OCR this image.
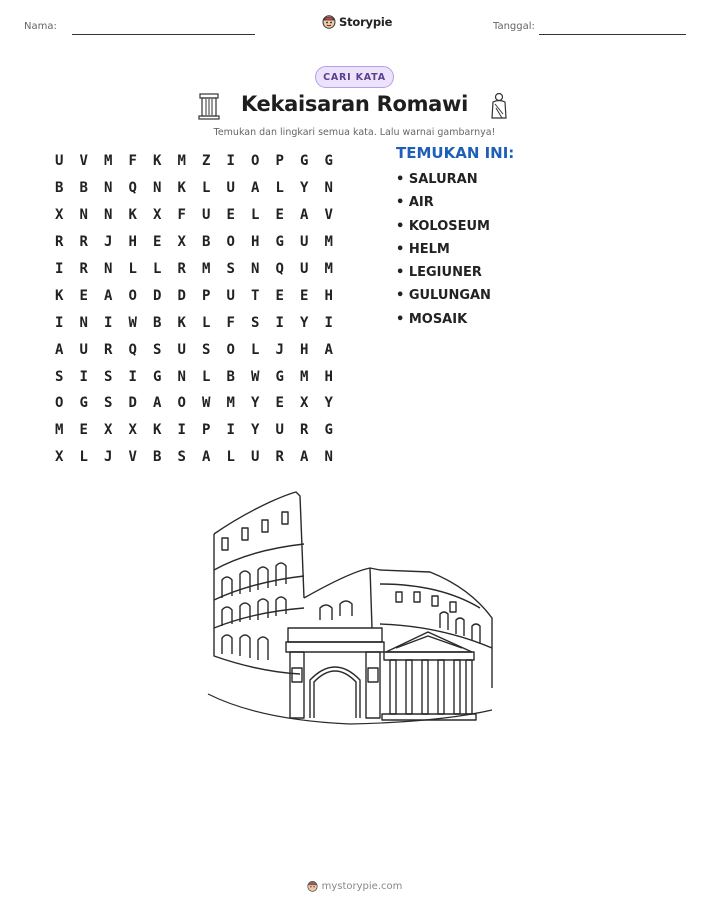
Nama:	Storypie	Tanggal:
CARI KATA
Kekaisaran Romawi
Temukan dan lingkari semua kata. Lalu warnai gambarnya!
U	V	M	F	K	M	Z	I	O	P	G	G
B	B	N	Q	N	K	L	U	A	L	Y	N
X	N	N	K	X	F	U	E	L	E	A	V
R	R	J	H	E	X	B	O	H	G	U	M
I	R	N	L	L	R	M	S	N	Q	U	M
K	E	A	O	D	D	P	U	T	E	E	H
I	N	I	W	B	K	L	F	S	I	Y	I
A	U	R	Q	S	U	S	O	L	J	H	A
S	I	S	I	G	N	L	B	W	G	M	H
O	G	S	D	A	O	W	M	Y	E	X	Y
M	E	X	X	K	I	P	I	Y	U	R	G
X	L	J	V	B	S	A	L	U	R	A	N
TEMUKAN INI:
• SALURAN
• AIR
• KOLOSEUM
• HELM
• LEGIUNER
• GULUNGAN
• MOSAIK
mystorypie.com
